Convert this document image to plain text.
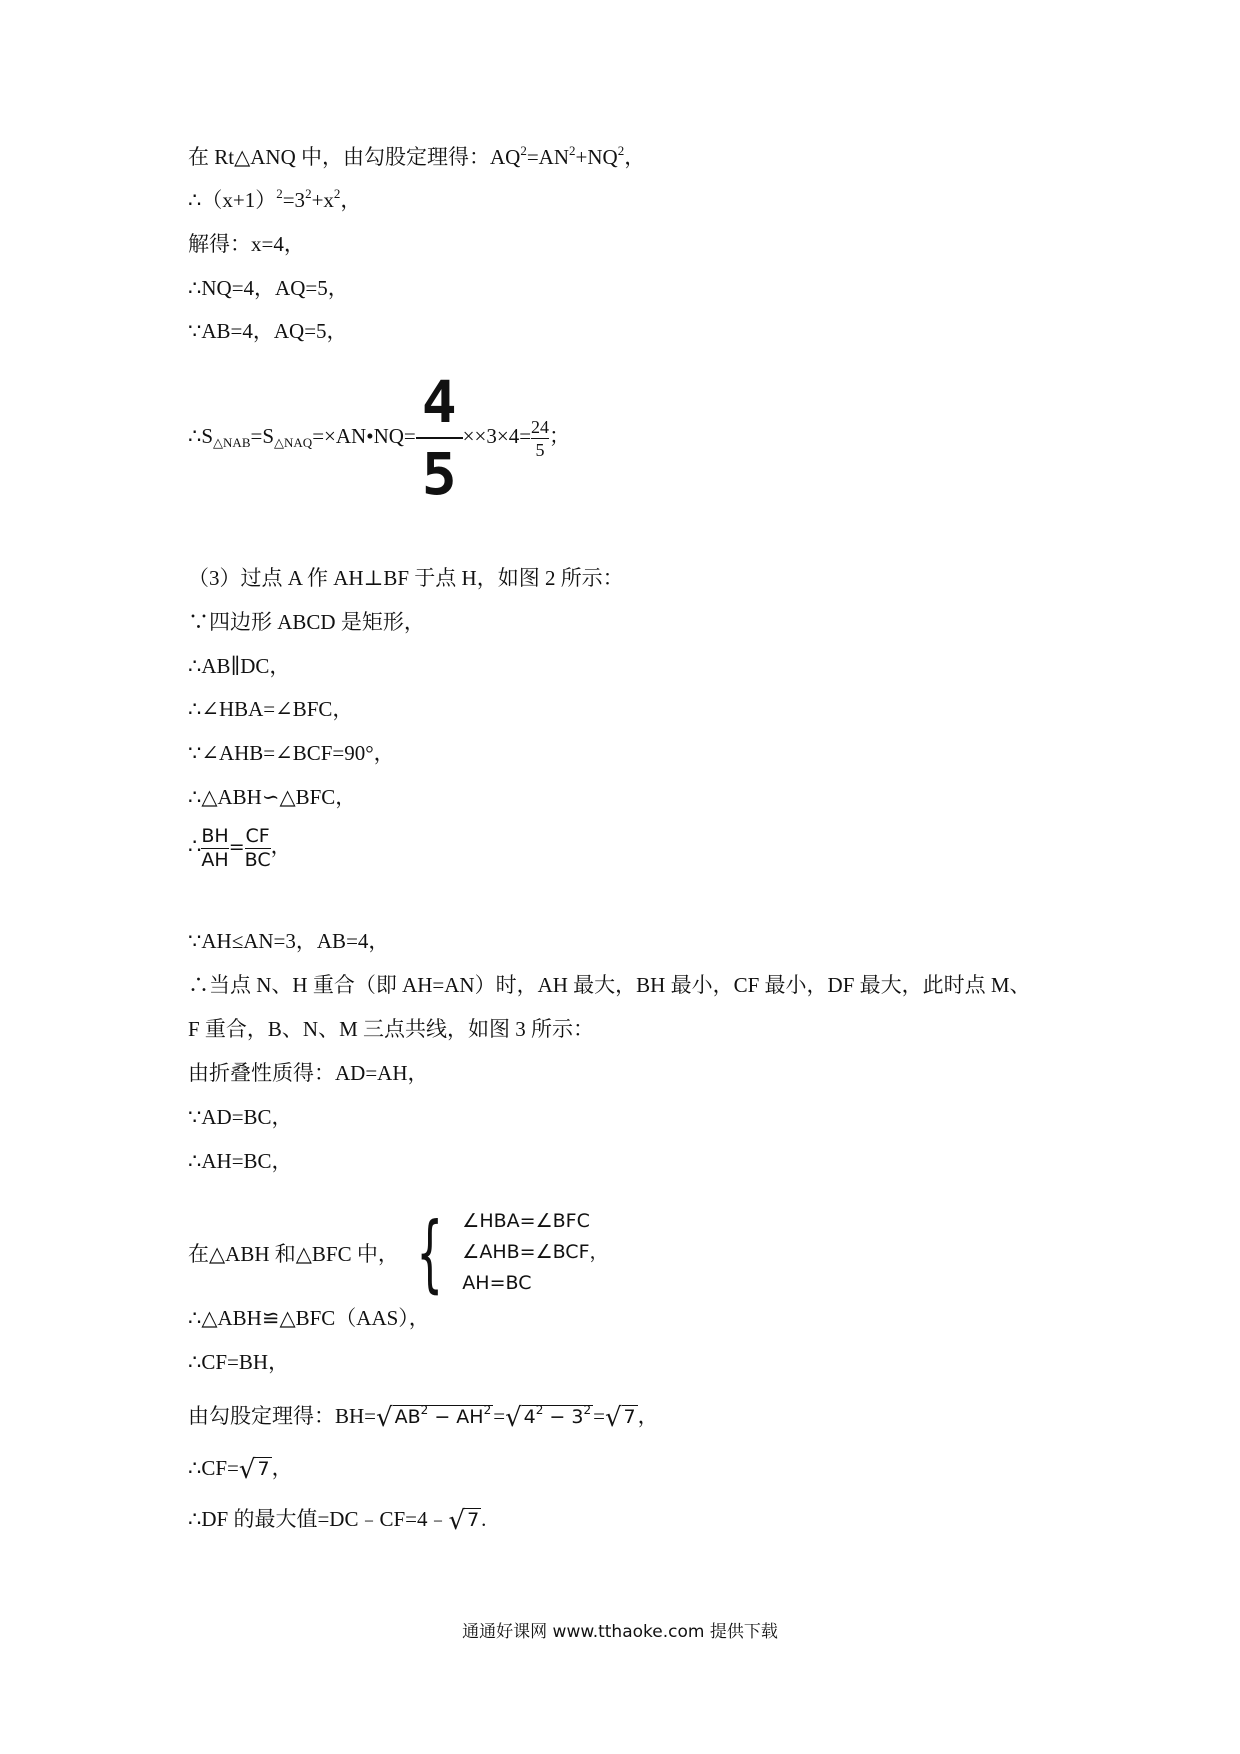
在 Rt△ANQ 中，由勾股定理得：$AQ^2=AN^2+NQ^2$，
$\therefore(x+1)^2=3^2+x^2$，
解得：x=4，
∴NQ=4，AQ=5，
∵AB=4，AQ=5，
$\therefore S_{\triangle NAB}=S_{\triangle NAQ}=\times AN•NQ= \frac{4}{5} \times\times 3\times 4= \frac{24}{5}$ ；
（3）过点 A 作 AH⊥BF 于点 H，如图 2 所示：
∵四边形 ABCD 是矩形，
∴AB∥DC，
∴∠HBA=∠BFC，
∵∠AHB=∠BCF=90°，
∴△ABH∽△BFC，
∴ $\frac{BH}{AH} = \frac{CF}{BC}$ ，
∵AH≤AN=3，AB=4，
∴当点 N、H 重合（即 AH=AN）时，AH 最大，BH 最小，CF 最小，DF 最大，此时点 M、
F 重合，B、N、M 三点共线，如图 3 所示：
由折叠性质得：AD=AH，
∵AD=BC，
∴AH=BC，
在△ABH 和△BFC 中， { ∠HBA=∠BFC
∠AHB=∠BCF，
AH=BC
∴△ABH≌△BFC（AAS），
∴CF=BH，
由勾股定理得：BH=√ $AB^2 - AH^2=√$ $4^2 - 3^2=√$ 7，
∴CF=√ 7，
∴DF 的最大值=DC﹣CF=4﹣√ 7.
通通好课网 www.tthaoke.com 提供下载
